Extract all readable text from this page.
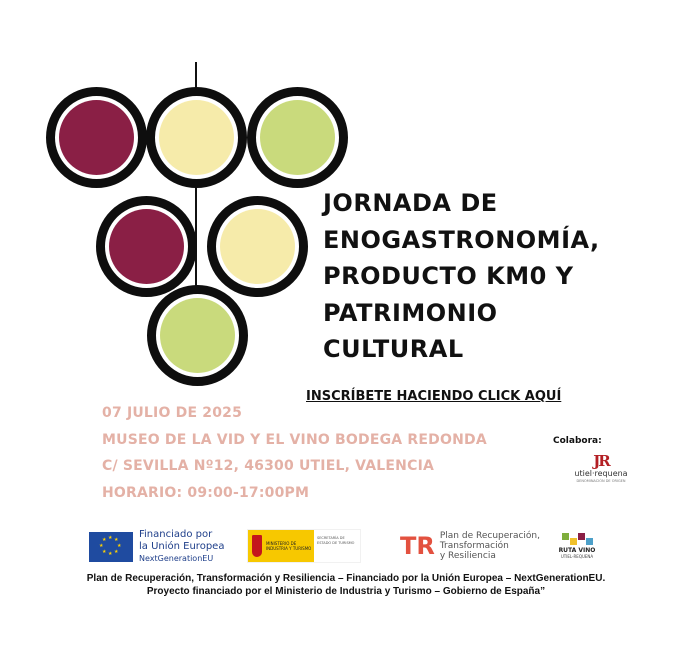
JORNADA DE
ENOGASTRONOMÍA,
PRODUCTO KM0 Y
PATRIMONIO
CULTURAL
INSCRÍBETE HACIENDO CLICK AQUÍ
07 JULIO DE 2025
MUSEO DE LA VID Y EL VINO BODEGA REDONDA
C/ SEVILLA Nº12, 46300 UTIEL, VALENCIA
HORARIO: 09:00-17:00PM
Colabora:
JR
utiel·requena
DENOMINACIÓN DE ORIGEN
★ ★
★
★
★
★
★
★	Financiado por
la Unión Europea
NextGenerationEU
MINISTERIO DE INDUSTRIA Y TURISMO
SECRETARÍA DE ESTADO DE TURISMO TR Plan de Recuperación,
Transformación
y Resiliencia
RUTA VINO
UTIEL-REQUENA
Plan de Recuperación, Transformación y Resiliencia – Financiado por la Unión Europea – NextGenerationEU.
Proyecto financiado por el Ministerio de Industria y Turismo – Gobierno de España”
